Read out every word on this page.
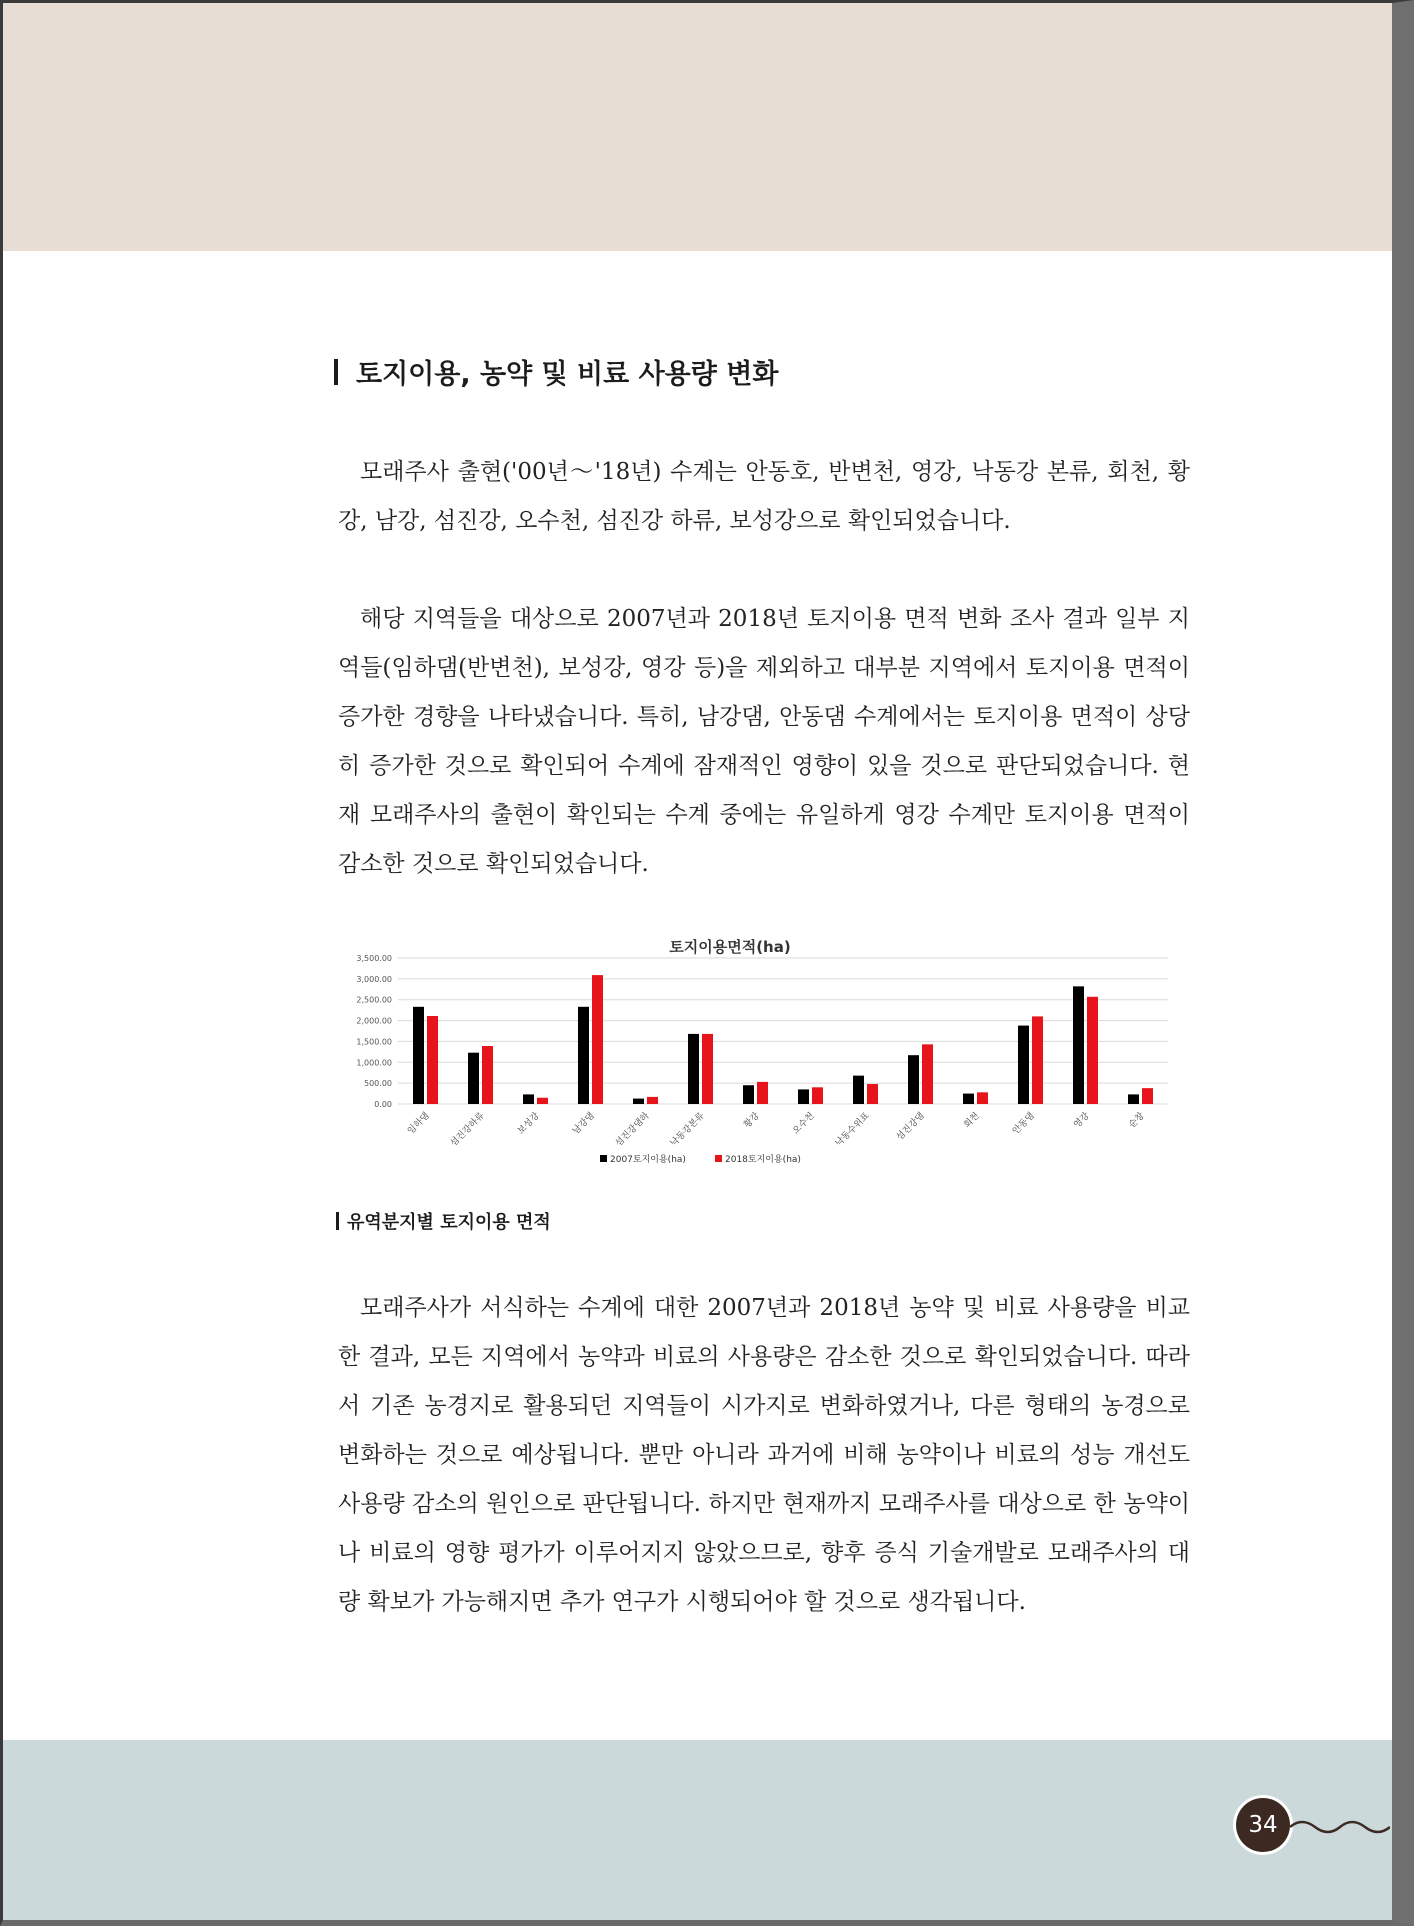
토지이용, 농약 및 비료 사용량 변화

모래주사 출현('00년～'18년) 수계는 안동호, 반변천, 영강, 낙동강 본류, 회천, 황강, 남강, 섬진강, 오수천, 섬진강 하류, 보성강으로 확인되었습니다.

해당 지역들을 대상으로 2007년과 2018년 토지이용 면적 변화 조사 결과 일부 지역들(임하댐(반변천), 보성강, 영강 등)을 제외하고 대부분 지역에서 토지이용 면적이 증가한 경향을 나타냈습니다. 특히, 남강댐, 안동댐 수계에서는 토지이용 면적이 상당히 증가한 것으로 확인되어 수계에 잠재적인 영향이 있을 것으로 판단되었습니다. 현재 모래주사의 출현이 확인되는 수계 중에는 유일하게 영강 수계만 토지이용 면적이 감소한 것으로 확인되었습니다.

토지이용면적(ha)
0.00
500.00
1,000.00
1,500.00
2,000.00
2,500.00
3,000.00
3,500.00
임하댐 섬진강하류	보성강	남강댐 섬진강댐하 낙동강본류	황강	오수천 낙동수위표	섬진강댐	회천	안동댐	영강	순창
2007토지이용(ha)	2018토지이용(ha)
유역분지별 토지이용 면적

모래주사가 서식하는 수계에 대한 2007년과 2018년 농약 및 비료 사용량을 비교한 결과, 모든 지역에서 농약과 비료의 사용량은 감소한 것으로 확인되었습니다. 따라서 기존 농경지로 활용되던 지역들이 시가지로 변화하였거나, 다른 형태의 농경으로 변화하는 것으로 예상됩니다. 뿐만 아니라 과거에 비해 농약이나 비료의 성능 개선도 사용량 감소의 원인으로 판단됩니다. 하지만 현재까지 모래주사를 대상으로 한 농약이나 비료의 영향 평가가 이루어지지 않았으므로, 향후 증식 기술개발로 모래주사의 대량 확보가 가능해지면 추가 연구가 시행되어야 할 것으로 생각됩니다.

34
